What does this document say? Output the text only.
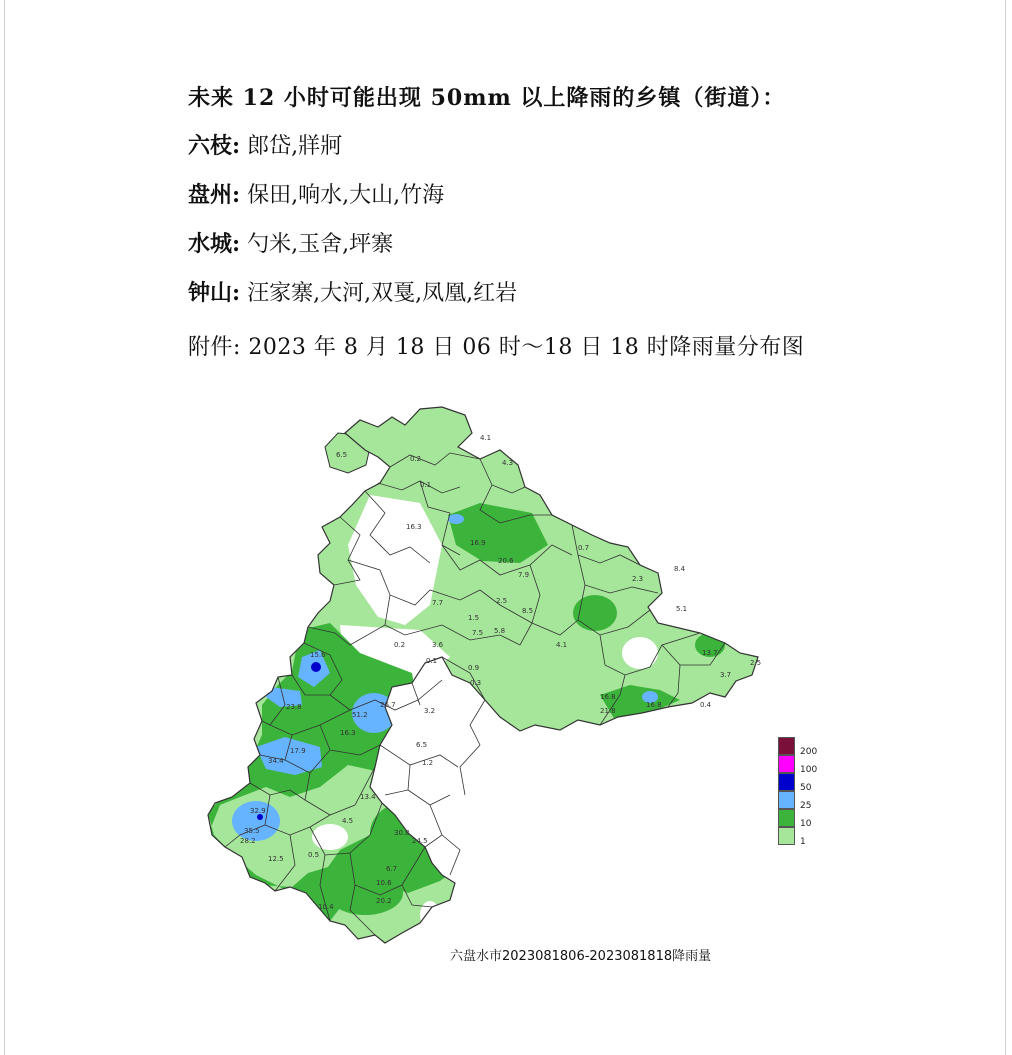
未来 12 小时可能出现 50mm 以上降雨的乡镇（街道）：
六枝: 郎岱,牂牁
盘州: 保田,响水,大山,竹海
水城: 勺米,玉舍,坪寨
钟山: 汪家寨,大河,双戛,凤凰,红岩
附件: 2023 年 8 月 18 日 06 时～18 日 18 时降雨量分布图
6.5	0.2
4.1
4.3
0.1
16.3
16.9
20.6
7.9
2.5
0.7
8.4
2.3
5.1
8.5
7.7
1.5
7.5 5.8
3.6
0.2
0.1
0.9
0.3
4.1
16.8
13.7
2.5
15.6
23.8
51.2
26.7
16.3
3.2
17.9
34.4
6.5
1.2
13.4
4.5
32.9
30.8
24.5
35.5
28.2
12.5	0.5
6.7
10.6
20.2
10.4
21.8
16.8	0.4
3.7
200
100
50
25
10
1
六盘水市2023081806-2023081818降雨量
